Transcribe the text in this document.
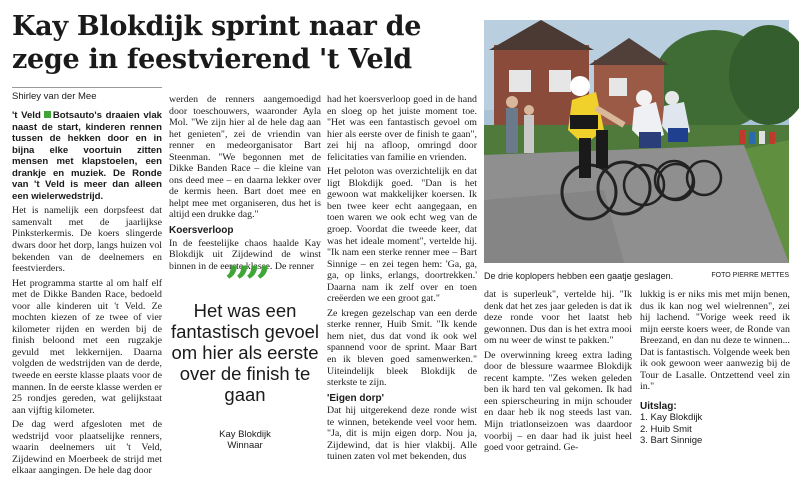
Kay Blokdijk sprint naar de zege in feestvierend 't Veld
Shirley van der Mee

't Veld Botsauto's draaien vlak naast de start, kinderen rennen tussen de hekken door en in bijna elke voortuin zitten mensen met klapstoelen, een drankje en muziek. De Ronde van 't Veld is meer dan alleen een wielerwedstrijd.

Het is namelijk een dorpsfeest dat samenvalt met de jaarlijkse Pinksterkermis. De koers slingerde dwars door het dorp, langs huizen vol bekenden van de deelnemers en feestvierders.

Het programma startte al om half elf met de Dikke Banden Race, bedoeld voor alle kinderen uit 't Veld. Ze mochten kiezen of ze twee of vier kilometer rijden en werden bij de finish beloond met een rugzakje gevuld met lekkernijen. Daarna volgden de wedstrijden van de derde, tweede en eerste klasse plaats voor de mannen. In de eerste klasse werden er 25 rondjes gereden, wat gelijkstaat aan vijftig kilometer.

De dag werd afgesloten met de wedstrijd voor plaatselijke renners, waarin deelnemers uit 't Veld, Zijdewind en Moerbeek de strijd met elkaar aangingen. De hele dag door

werden de renners aangemoedigd door toeschouwers, waaronder Ayla Mol. "We zijn hier al de hele dag aan het genieten", zei de vriendin van renner en medeorganisator Bart Steenman. "We begonnen met de Dikke Banden Race – die kleine van ons deed mee – en daarna lekker over de kermis heen. Bart doet mee en helpt mee met organiseren, dus het is altijd een drukke dag."

Koersverloop

In de feestelijke chaos haalde Kay Blokdijk uit Zijdewind de winst binnen in de eerste klasse. De renner

””
Het was een fantastisch gevoel om hier als eerste over de finish te gaan
Kay Blokdijk
Winnaar

had het koersverloop goed in de hand en sloeg op het juiste moment toe. "Het was een fantastisch gevoel om hier als eerste over de finish te gaan", zei hij na afloop, omringd door felicitaties van familie en vrienden.

Het peloton was overzichtelijk en dat ligt Blokdijk goed. "Dan is het gewoon wat makkelijker koersen. Ik ben twee keer echt aangegaan, en toen waren we ook echt weg van de groep. Voordat die tweede keer, dat was het ideale moment", vertelde hij. "Ik nam een sterke renner mee – Bart Sinnige – en zei tegen hem: 'Ga, ga, ga, op links, erlangs, doortrekken.' Daarna nam ik zelf over en toen creëerden we een groot gat."

Ze kregen gezelschap van een derde sterke renner, Huib Smit. "Ik kende hem niet, dus dat vond ik ook wel spannend voor de sprint. Maar Bart en ik bleven goed samenwerken." Uiteindelijk bleek Blokdijk de sterkste te zijn.

'Eigen dorp'

Dat hij uitgerekend deze ronde wist te winnen, betekende veel voor hem. "Ja, dit is mijn eigen dorp. Nou ja, Zijdewind, dat is hier vlakbij. Alle tuinen zaten vol met bekenden, dus

De drie koplopers hebben een gaatje geslagen.	FOTO PIERRE METTES

dat is superleuk", vertelde hij. "Ik denk dat het zes jaar geleden is dat ik deze ronde voor het laatst heb gewonnen. Dus dan is het extra mooi om nu weer de winst te pakken."

De overwinning kreeg extra lading door de blessure waarmee Blokdijk recent kampte. "Zes weken geleden ben ik hard ten val gekomen. Ik had een spierscheuring in mijn schouder en daar heb ik nog steeds last van. Mijn triatlonseizoen was daardoor voorbij – en daar had ik juist heel goed voor getraind. Ge-

lukkig is er niks mis met mijn benen, dus ik kan nog wel wielrennen", zei hij lachend. "Vorige week reed ik mijn eerste koers weer, de Ronde van Breezand, en dan nu deze te winnen... Dat is fantastisch. Volgende week ben ik ook gewoon weer aanwezig bij de Tour de Lasalle. Ontzettend veel zin in."

Uitslag:
1. Kay Blokdijk
2. Huib Smit
3. Bart Sinnige
